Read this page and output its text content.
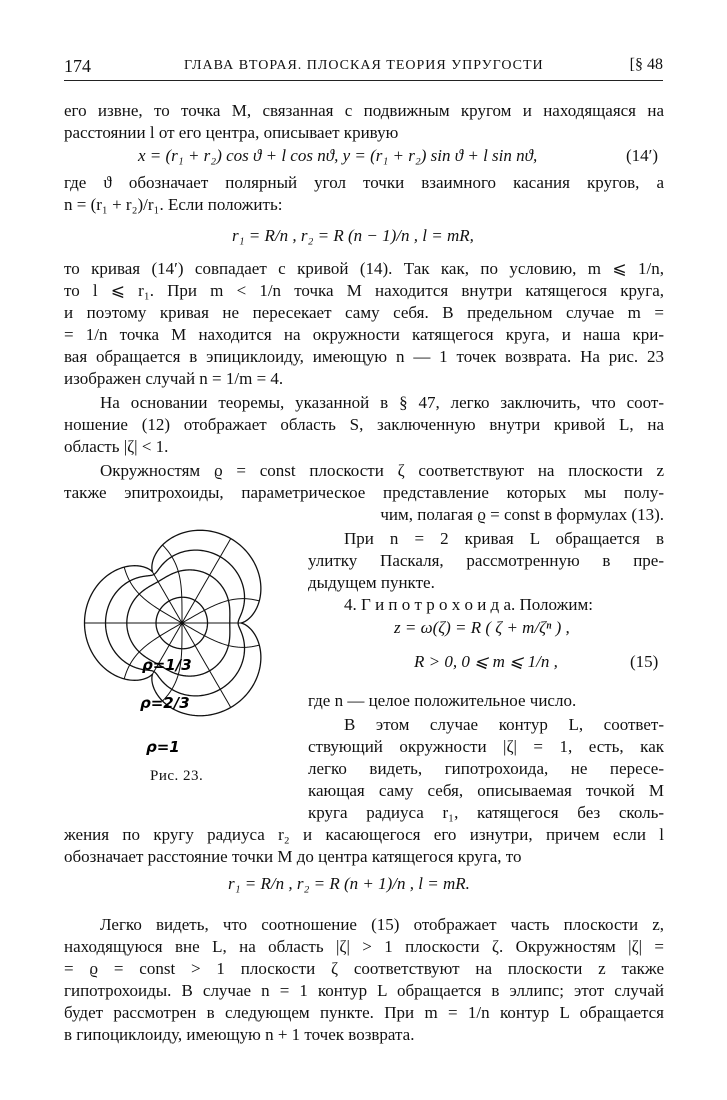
174	ГЛАВА ВТОРАЯ. ПЛОСКАЯ ТЕОРИЯ УПРУГОСТИ	[§ 48
его извне, то точка M, связанная с подвижным кругом и находящаяся на
расстоянии l от его центра, описывает кривую
x = (r₁ + r₂) cos ϑ + l cos nϑ, y = (r₁ + r₂) sin ϑ + l sin nϑ,	(14′)
где ϑ обозначает полярный угол точки взаимного касания кругов, а
n = (r₁ + r₂)/r₁. Если положить:
r₁ = R/n , r₂ = R (n − 1)/n , l = mR,
то кривая (14′) совпадает с кривой (14). Так как, по условию, m ⩽ 1/n,
то l ⩽ r₁. При m < 1/n точка M находится внутри катящегося круга,
и поэтому кривая не пересекает саму себя. В предельном случае m =
= 1/n точка M находится на окружности катящегося круга, и наша кри-
вая обращается в эпициклоиду, имеющую n — 1 точек возврата. На рис. 23
изображен случай n = 1/m = 4.
На основании теоремы, указанной в § 47, легко заключить, что соот-
ношение (12) отображает область S, заключенную внутри кривой L, на
область |ζ| < 1.
Окружностям ϱ = const плоскости ζ соответствуют на плоскости z
также эпитрохоиды, параметрическое представление которых мы полу-
чим, полагая ϱ = const в формулах (13).
При n = 2 кривая L обращается в
улитку Паскаля, рассмотренную в пре-
дыдущем пункте.
4. Г и п о т р о х о и д а. Положим:
z = ω(ζ) = R ( ζ + m/ζⁿ ) ,
R > 0, 0 ⩽ m ⩽ 1/n ,	(15)
где n — целое положительное число.
В этом случае контур L, соответ-
ствующий окружности |ζ| = 1, есть, как
легко видеть, гипотрохоида, не пересе-
кающая саму себя, описываемая точкой M
круга радиуса r₁, катящегося без сколь-
жения по кругу радиуса r₂ и касающегося его изнутри, причем если l
обозначает расстояние точки M до центра катящегося круга, то
r₁ = R/n , r₂ = R (n + 1)/n , l = mR.
Легко видеть, что соотношение (15) отображает часть плоскости z,
находящуюся вне L, на область |ζ| > 1 плоскости ζ. Окружностям |ζ| =
= ϱ = const > 1 плоскости ζ соответствуют на плоскости z также
гипотрохоиды. В случае n = 1 контур L обращается в эллипс; этот случай
будет рассмотрен в следующем пункте. При m = 1/n контур L обращается
в гипоциклоиду, имеющую n + 1 точек возврата.
ρ=1/3
ρ=2/3
ρ=1
Рис. 23.
